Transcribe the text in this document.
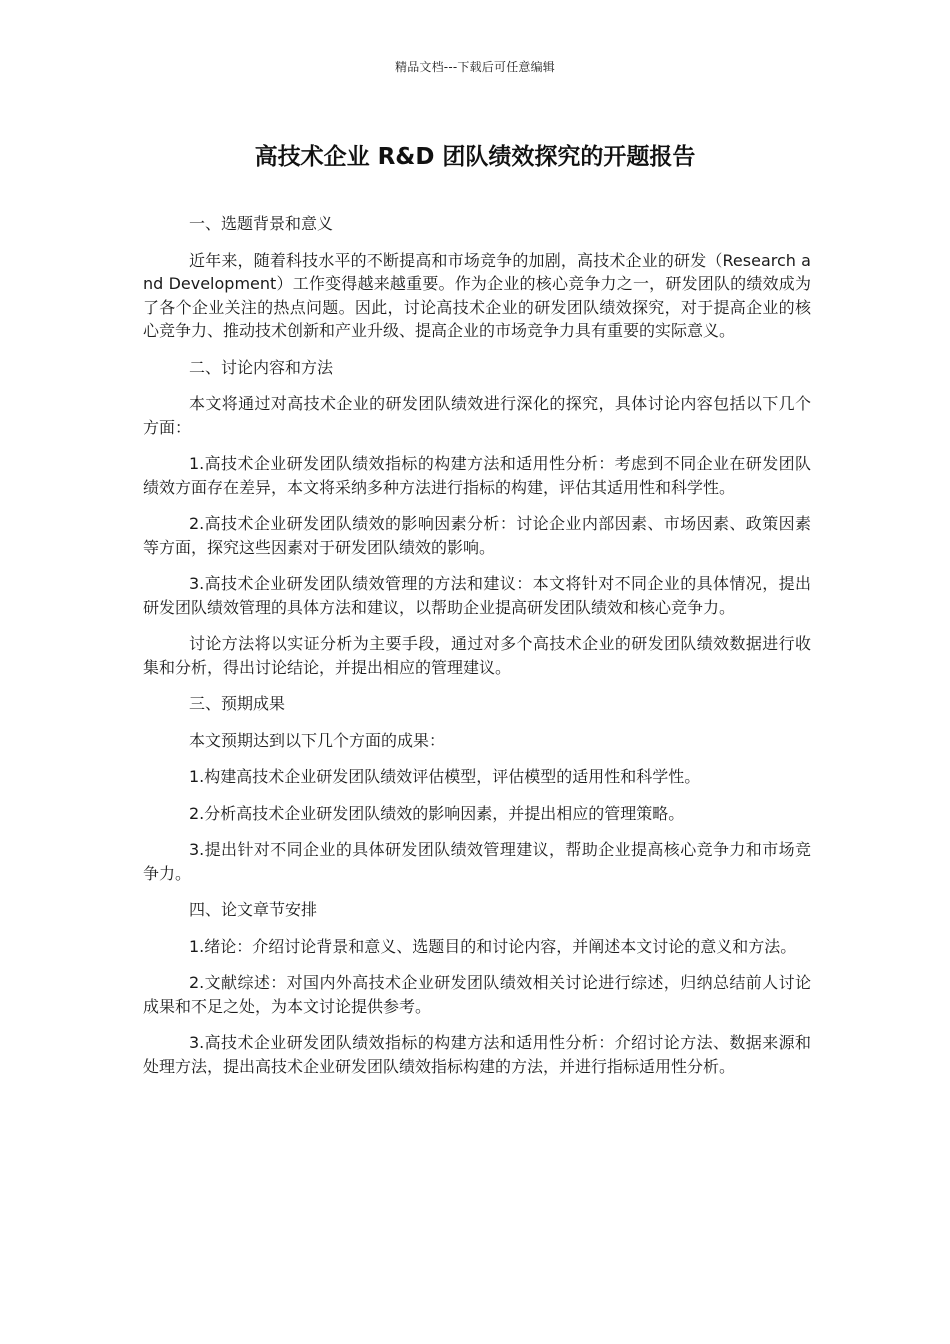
精品文档---下载后可任意编辑
高技术企业 R&D 团队绩效探究的开题报告

一、选题背景和意义

近年来，随着科技水平的不断提高和市场竞争的加剧，高技术企业的研发（Research and Development）工作变得越来越重要。作为企业的核心竞争力之一，研发团队的绩效成为了各个企业关注的热点问题。因此，讨论高技术企业的研发团队绩效探究，对于提高企业的核心竞争力、推动技术创新和产业升级、提高企业的市场竞争力具有重要的实际意义。

二、讨论内容和方法

本文将通过对高技术企业的研发团队绩效进行深化的探究，具体讨论内容包括以下几个方面：

1.高技术企业研发团队绩效指标的构建方法和适用性分析：考虑到不同企业在研发团队绩效方面存在差异，本文将采纳多种方法进行指标的构建，评估其适用性和科学性。

2.高技术企业研发团队绩效的影响因素分析：讨论企业内部因素、市场因素、政策因素等方面，探究这些因素对于研发团队绩效的影响。

3.高技术企业研发团队绩效管理的方法和建议：本文将针对不同企业的具体情况，提出研发团队绩效管理的具体方法和建议，以帮助企业提高研发团队绩效和核心竞争力。

讨论方法将以实证分析为主要手段，通过对多个高技术企业的研发团队绩效数据进行收集和分析，得出讨论结论，并提出相应的管理建议。

三、预期成果

本文预期达到以下几个方面的成果：

1.构建高技术企业研发团队绩效评估模型，评估模型的适用性和科学性。

2.分析高技术企业研发团队绩效的影响因素，并提出相应的管理策略。

3.提出针对不同企业的具体研发团队绩效管理建议，帮助企业提高核心竞争力和市场竞争力。

四、论文章节安排

1.绪论：介绍讨论背景和意义、选题目的和讨论内容，并阐述本文讨论的意义和方法。

2.文献综述：对国内外高技术企业研发团队绩效相关讨论进行综述，归纳总结前人讨论成果和不足之处，为本文讨论提供参考。

3.高技术企业研发团队绩效指标的构建方法和适用性分析：介绍讨论方法、数据来源和处理方法，提出高技术企业研发团队绩效指标构建的方法，并进行指标适用性分析。
